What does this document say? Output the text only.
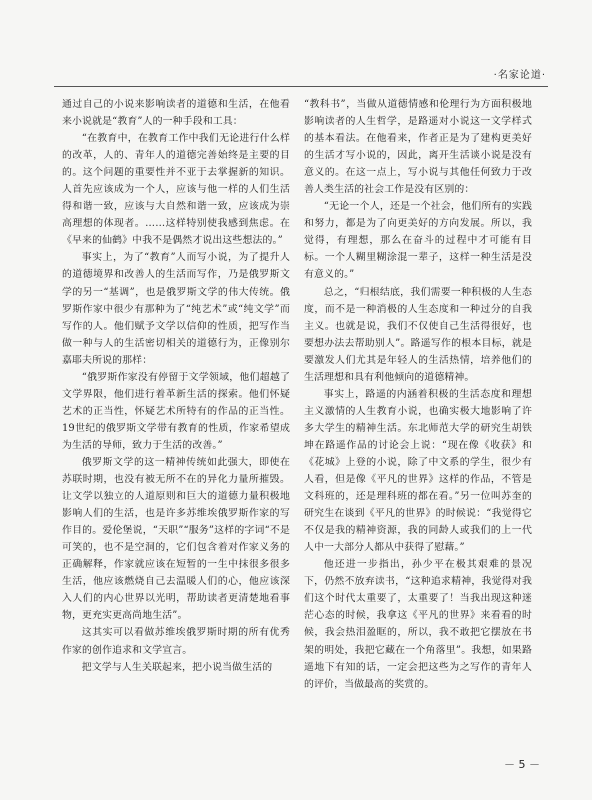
·名家论道·

通过自己的小说来影响读者的道德和生活，在他看来小说就是“教育”人的一种手段和工具：

“在教育中，在教育工作中我们无论进行什么样的改革，人的、青年人的道德完善始终是主要的目的。这个问题的重要性并不亚于去掌握新的知识。人首先应该成为一个人，应该与他一样的人们生活得和谐一致，应该与大自然和谐一致，应该成为崇高理想的体现者。……这样特别使我感到焦虑。在《早来的仙鹤》中我不是偶然才说出这些想法的。”

事实上，为了“教育”人而写小说，为了提升人的道德境界和改善人的生活而写作，乃是俄罗斯文学的另一“基调”，也是俄罗斯文学的伟大传统。俄罗斯作家中很少有那种为了“纯艺术”或“纯文学”而写作的人。他们赋予文学以信仰的性质，把写作当做一种与人的生活密切相关的道德行为，正像别尔嘉耶夫所说的那样：

“俄罗斯作家没有停留于文学领域，他们超越了文学界限，他们进行着革新生活的探索。他们怀疑艺术的正当性，怀疑艺术所特有的作品的正当性。19世纪的俄罗斯文学带有教育的性质，作家希望成为生活的导师，致力于生活的改善。”

俄罗斯文学的这一精神传统如此强大，即使在苏联时期，也没有被无所不在的异化力量所摧毁。让文学以独立的人道原则和巨大的道德力量积极地影响人们的生活，也是许多苏维埃俄罗斯作家的写作目的。爱伦堡说，“天职”“服务”这样的字词“不是可笑的，也不是空洞的，它们包含着对作家义务的正确解释，作家就应该在短暂的一生中抹很多很多生活，他应该燃烧自己去温暖人们的心，他应该深入人们的内心世界以光明，帮助读者更清楚地看事物，更充实更高尚地生活”。

这其实可以看做苏维埃俄罗斯时期的所有优秀作家的创作追求和文学宣言。

把文学与人生关联起来，把小说当做生活的

“教科书”，当做从道德情感和伦理行为方面积极地影响读者的人生哲学，是路遥对小说这一文学样式的基本看法。在他看来，作者正是为了建构更美好的生活才写小说的，因此，离开生活谈小说是没有意义的。在这一点上，写小说与其他任何致力于改善人类生活的社会工作是没有区别的：

“无论一个人，还是一个社会，他们所有的实践和努力，都是为了向更美好的方向发展。所以，我觉得，有理想，那么在奋斗的过程中才可能有目标。一个人糊里糊涂混一辈子，这样一种生活是没有意义的。”

总之，“归根结底，我们需要一种积极的人生态度，而不是一种消极的人生态度和一种过分的自我主义。也就是说，我们不仅使自己生活得很好，也要想办法去帮助别人”。路遥写作的根本目标，就是要激发人们尤其是年轻人的生活热情，培养他们的生活理想和具有利他倾向的道德精神。

事实上，路遥的内涵着积极的生活态度和理想主义激情的人生教育小说，也确实极大地影响了许多大学生的精神生活。东北师范大学的研究生胡铁坤在路遥作品的讨论会上说：“现在像《收获》和《花城》上登的小说，除了中文系的学生，很少有人看，但是像《平凡的世界》这样的作品，不管是文科班的，还是理科班的都在看。”另一位叫苏奎的研究生在谈到《平凡的世界》的时候说：“我觉得它不仅是我的精神资源，我的同龄人或我们的上一代人中一大部分人都从中获得了慰藉。”

他还进一步指出，孙少平在极其艰难的景况下，仍然不放弃读书，“这种追求精神，我觉得对我们这个时代太重要了，太重要了！当我出现这种迷茫心态的时候，我拿这《平凡的世界》来看看的时候，我会热泪盈眶的，所以，我不敢把它摆放在书架的明处，我把它藏在一个角落里”。我想，如果路遥地下有知的话，一定会把这些为之写作的青年人的评价，当做最高的奖赏的。

－ 5 －
